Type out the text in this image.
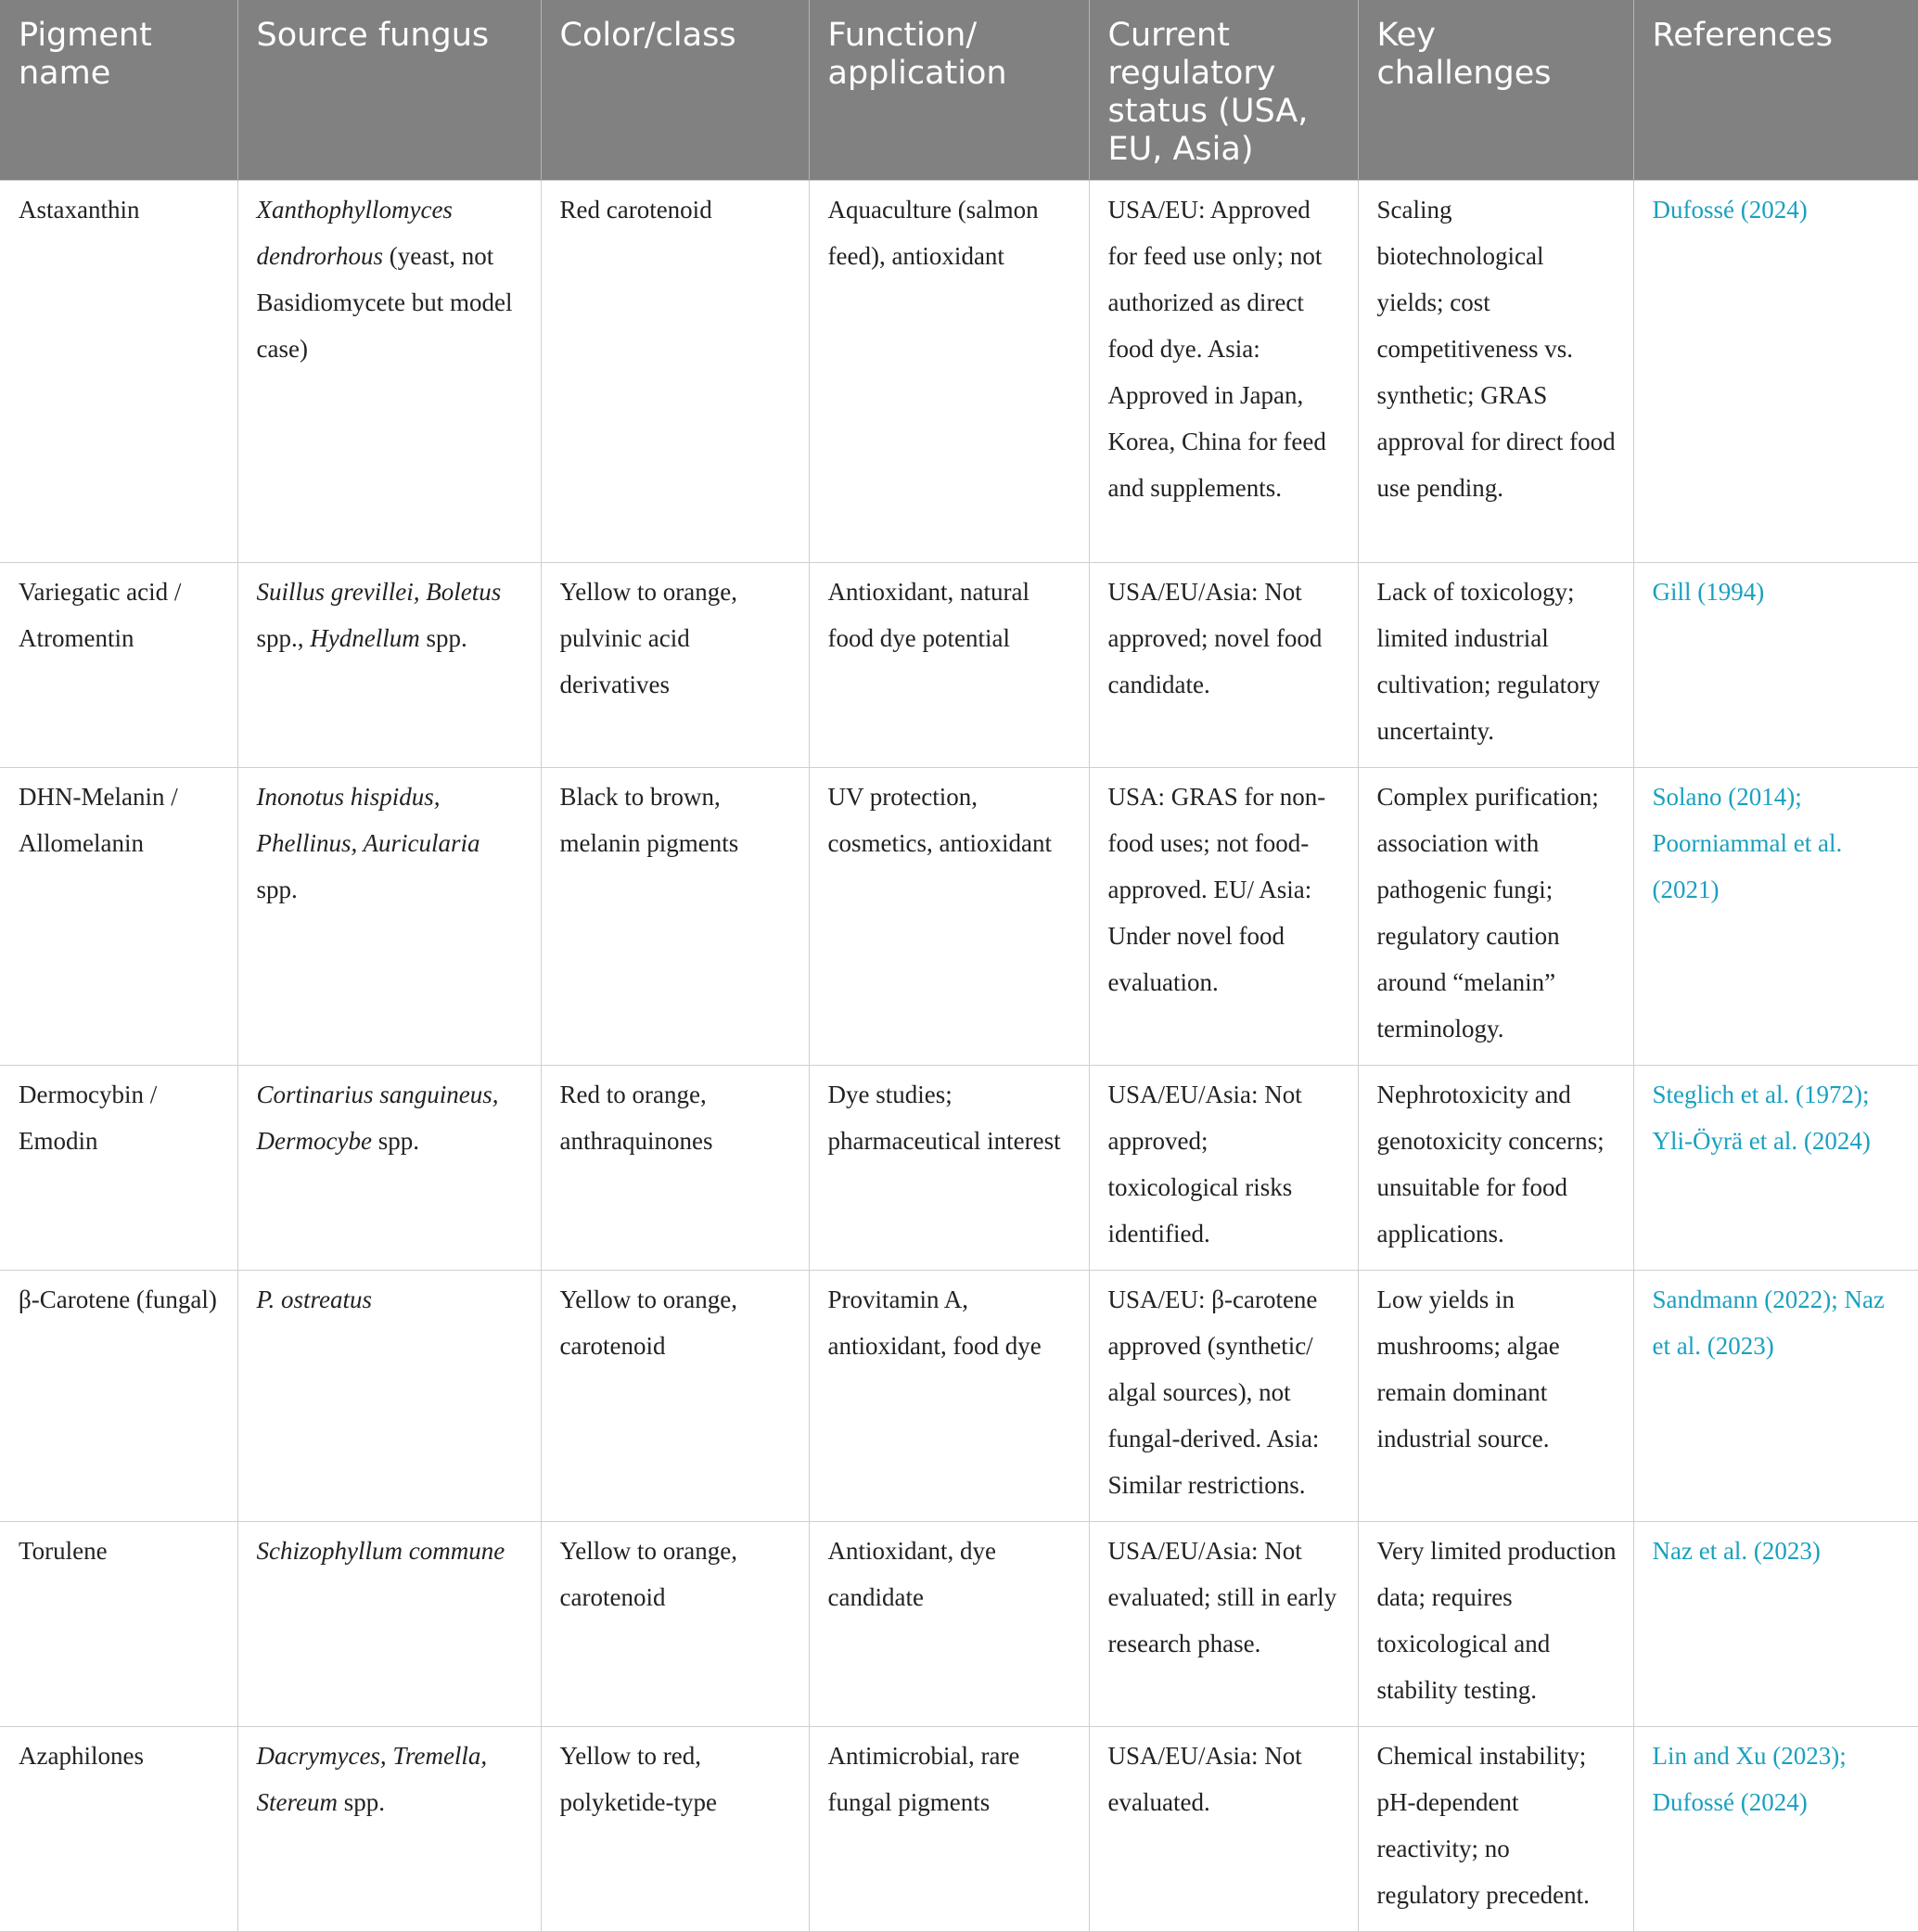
Pigment name	Source fungus	Color/class	Function/ application	Current regulatory status (USA, EU, Asia)	Key challenges	References
Astaxanthin	Xanthophyllomyces dendrorhous (yeast, not Basidiomycete but model case)	Red carotenoid	Aquaculture (salmon feed), antioxidant	USA/EU: Approved for feed use only; not authorized as direct food dye. Asia: Approved in Japan, Korea, China for feed and supplements.	Scaling biotechnological yields; cost competitiveness vs. synthetic; GRAS approval for direct food use pending.	Dufossé (2024)
Variegatic acid / Atromentin	Suillus grevillei, Boletus spp., Hydnellum spp.	Yellow to orange, pulvinic acid derivatives	Antioxidant, natural food dye potential	USA/EU/Asia: Not approved; novel food candidate.	Lack of toxicology; limited industrial cultivation; regulatory uncertainty.	Gill (1994)
DHN-Melanin / Allomelanin	Inonotus hispidus, Phellinus, Auricularia spp.	Black to brown, melanin pigments	UV protection, cosmetics, antioxidant	USA: GRAS for non-food uses; not food-approved. EU/ Asia: Under novel food evaluation.	Complex purification; association with pathogenic fungi; regulatory caution around “melanin” terminology.	Solano (2014); Poorniammal et al. (2021)
Dermocybin / Emodin	Cortinarius sanguineus, Dermocybe spp.	Red to orange, anthraquinones	Dye studies; pharmaceutical interest	USA/EU/Asia: Not approved; toxicological risks identified.	Nephrotoxicity and genotoxicity concerns; unsuitable for food applications.	Steglich et al. (1972); Yli-Öyrä et al. (2024)
β-Carotene (fungal)	P. ostreatus	Yellow to orange, carotenoid	Provitamin A, antioxidant, food dye	USA/EU: β-carotene approved (synthetic/ algal sources), not fungal-derived. Asia: Similar restrictions.	Low yields in mushrooms; algae remain dominant industrial source.	Sandmann (2022); Naz et al. (2023)
Torulene	Schizophyllum commune	Yellow to orange, carotenoid	Antioxidant, dye candidate	USA/EU/Asia: Not evaluated; still in early research phase.	Very limited production data; requires toxicological and stability testing.	Naz et al. (2023)
Azaphilones	Dacrymyces, Tremella, Stereum spp.	Yellow to red, polyketide-type	Antimicrobial, rare fungal pigments	USA/EU/Asia: Not evaluated.	Chemical instability; pH-dependent reactivity; no regulatory precedent.	Lin and Xu (2023); Dufossé (2024)
